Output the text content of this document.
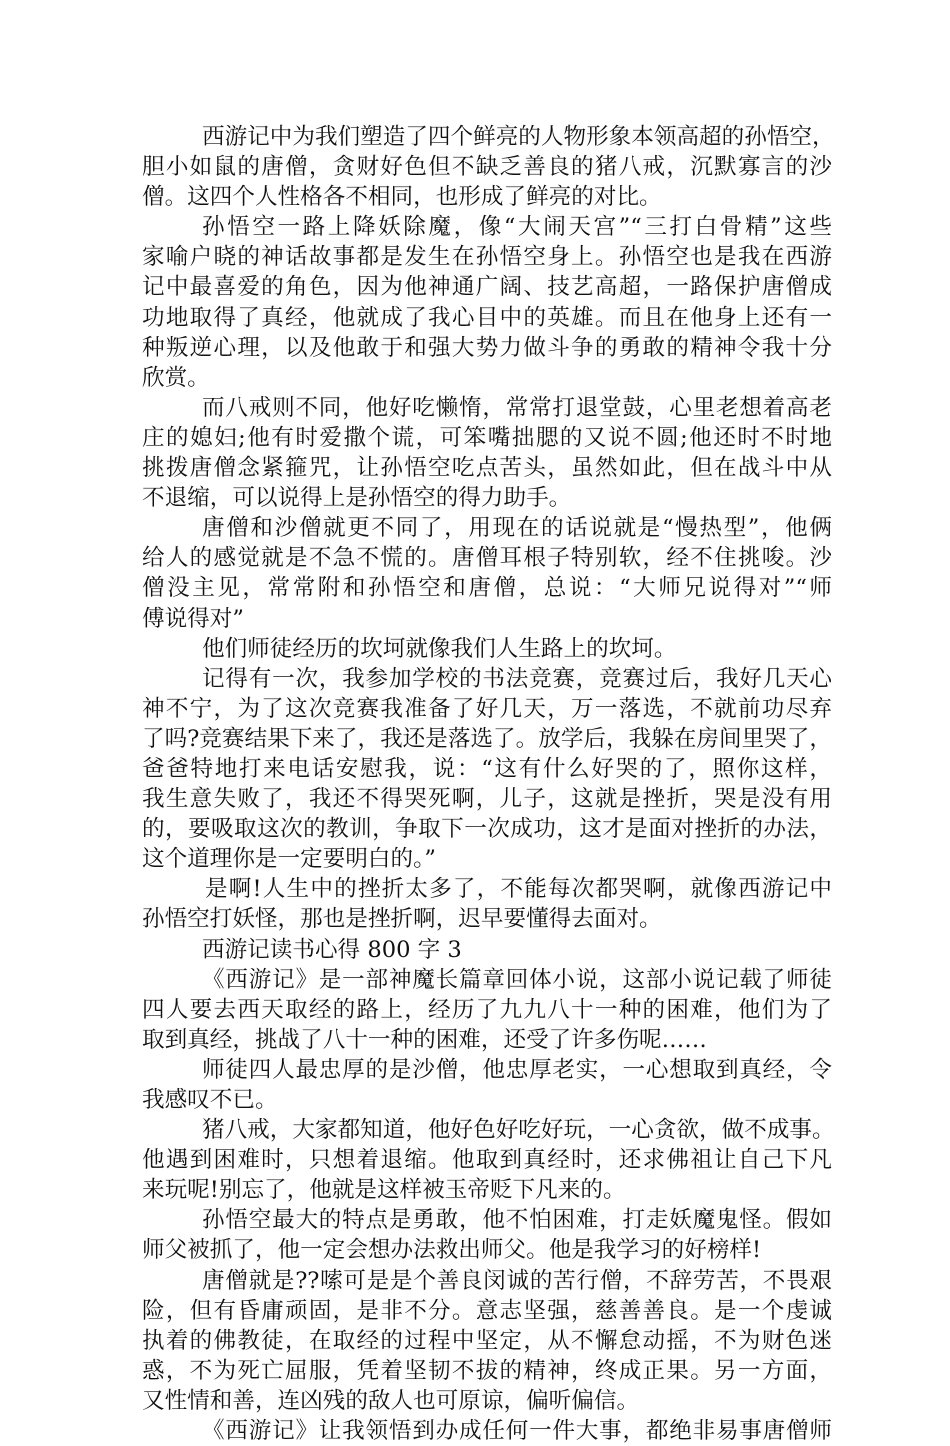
西游记中为我们塑造了四个鲜亮的人物形象本领高超的孙悟空，
胆小如鼠的唐僧，贪财好色但不缺乏善良的猪八戒，沉默寡言的沙
僧。这四个人性格各不相同，也形成了鲜亮的对比。
孙悟空一路上降妖除魔，像“大闹天宫”“三打白骨精”这些
家喻户晓的神话故事都是发生在孙悟空身上。孙悟空也是我在西游
记中最喜爱的角色，因为他神通广阔、技艺高超，一路保护唐僧成
功地取得了真经，他就成了我心目中的英雄。而且在他身上还有一
种叛逆心理，以及他敢于和强大势力做斗争的勇敢的精神令我十分
欣赏。
而八戒则不同，他好吃懒惰，常常打退堂鼓，心里老想着高老
庄的媳妇;他有时爱撒个谎，可笨嘴拙腮的又说不圆;他还时不时地
挑拨唐僧念紧箍咒，让孙悟空吃点苦头，虽然如此，但在战斗中从
不退缩，可以说得上是孙悟空的得力助手。
唐僧和沙僧就更不同了，用现在的话说就是“慢热型”，他俩
给人的感觉就是不急不慌的。唐僧耳根子特别软，经不住挑唆。沙
僧没主见，常常附和孙悟空和唐僧，总说：“大师兄说得对”“师
傅说得对”
他们师徒经历的坎坷就像我们人生路上的坎坷。
记得有一次，我参加学校的书法竞赛，竞赛过后，我好几天心
神不宁，为了这次竞赛我准备了好几天，万一落选，不就前功尽弃
了吗?竞赛结果下来了，我还是落选了。放学后，我躲在房间里哭了，
爸爸特地打来电话安慰我，说：“这有什么好哭的了，照你这样，
我生意失败了，我还不得哭死啊，儿子，这就是挫折，哭是没有用
的，要吸取这次的教训，争取下一次成功，这才是面对挫折的办法，
这个道理你是一定要明白的。”
是啊!人生中的挫折太多了，不能每次都哭啊，就像西游记中
孙悟空打妖怪，那也是挫折啊，迟早要懂得去面对。
西游记读书心得 800 字 3
《西游记》是一部神魔长篇章回体小说，这部小说记载了师徒
四人要去西天取经的路上，经历了九九八十一种的困难，他们为了
取到真经，挑战了八十一种的困难，还受了许多伤呢……
师徒四人最忠厚的是沙僧，他忠厚老实，一心想取到真经，令
我感叹不已。
猪八戒，大家都知道，他好色好吃好玩，一心贪欲，做不成事。
他遇到困难时，只想着退缩。他取到真经时，还求佛祖让自己下凡
来玩呢!别忘了，他就是这样被玉帝贬下凡来的。
孙悟空最大的特点是勇敢，他不怕困难，打走妖魔鬼怪。假如
师父被抓了，他一定会想办法救出师父。他是我学习的好榜样!
唐僧就是??嗦可是是个善良闵诚的苦行僧，不辞劳苦，不畏艰
险，但有昏庸顽固，是非不分。意志坚强，慈善善良。是一个虔诚
执着的佛教徒，在取经的过程中坚定，从不懈怠动摇，不为财色迷
惑，不为死亡屈服，凭着坚韧不拔的精神，终成正果。另一方面，
又性情和善，连凶残的敌人也可原谅，偏听偏信。
《西游记》让我领悟到办成任何一件大事，都绝非易事唐僧师
